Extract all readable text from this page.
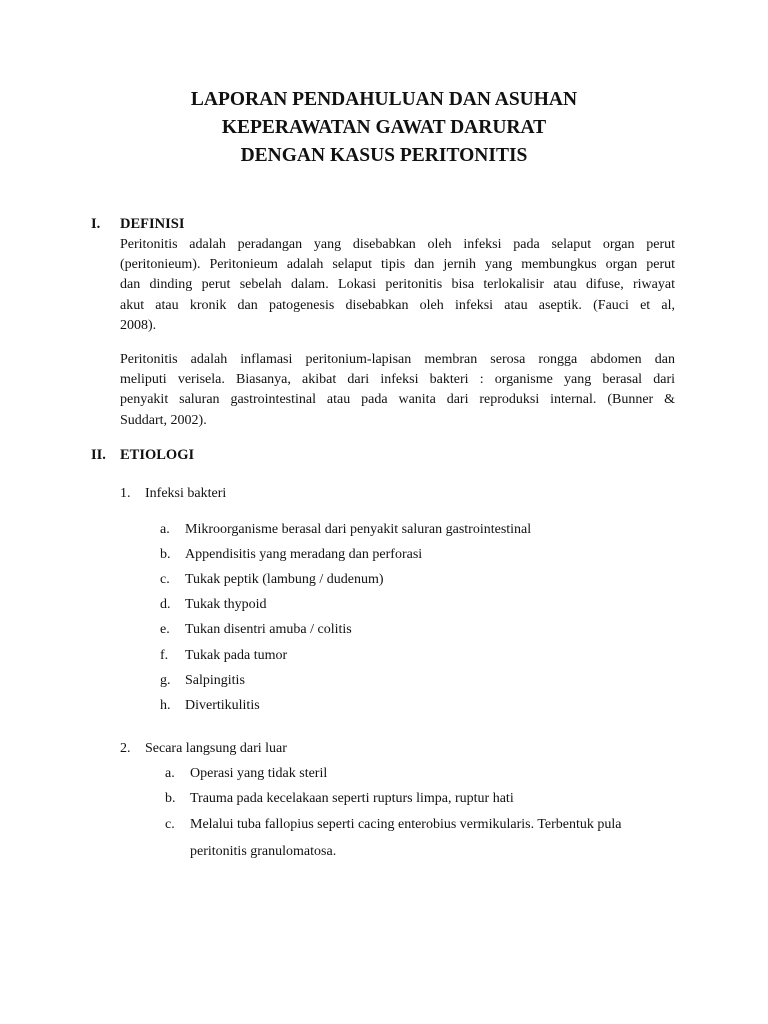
LAPORAN PENDAHULUAN DAN ASUHAN
KEPERAWATAN GAWAT DARURAT
DENGAN KASUS PERITONITIS
I. DEFINISI
Peritonitis adalah peradangan yang disebabkan oleh infeksi pada selaput organ perut
(peritonieum). Peritonieum adalah selaput tipis dan jernih yang membungkus organ perut
dan dinding perut sebelah dalam. Lokasi peritonitis bisa terlokalisir atau difuse, riwayat
akut atau kronik dan patogenesis disebabkan oleh infeksi atau aseptik. (Fauci et al,
2008).
Peritonitis adalah inflamasi peritonium-lapisan membran serosa rongga abdomen dan
meliputi verisela. Biasanya, akibat dari infeksi bakteri : organisme yang berasal dari
penyakit saluran gastrointestinal atau pada wanita dari reproduksi internal. (Bunner &
Suddart, 2002).
II. ETIOLOGI
1. Infeksi bakteri
a. Mikroorganisme berasal dari penyakit saluran gastrointestinal
b. Appendisitis yang meradang dan perforasi
c. Tukak peptik (lambung / dudenum)
d. Tukak thypoid
e. Tukan disentri amuba / colitis
f. Tukak pada tumor
g. Salpingitis
h. Divertikulitis
2. Secara langsung dari luar
a. Operasi yang tidak steril
b. Trauma pada kecelakaan seperti rupturs limpa, ruptur hati
c. Melalui tuba fallopius seperti cacing enterobius vermikularis. Terbentuk pula
peritonitis granulomatosa.
